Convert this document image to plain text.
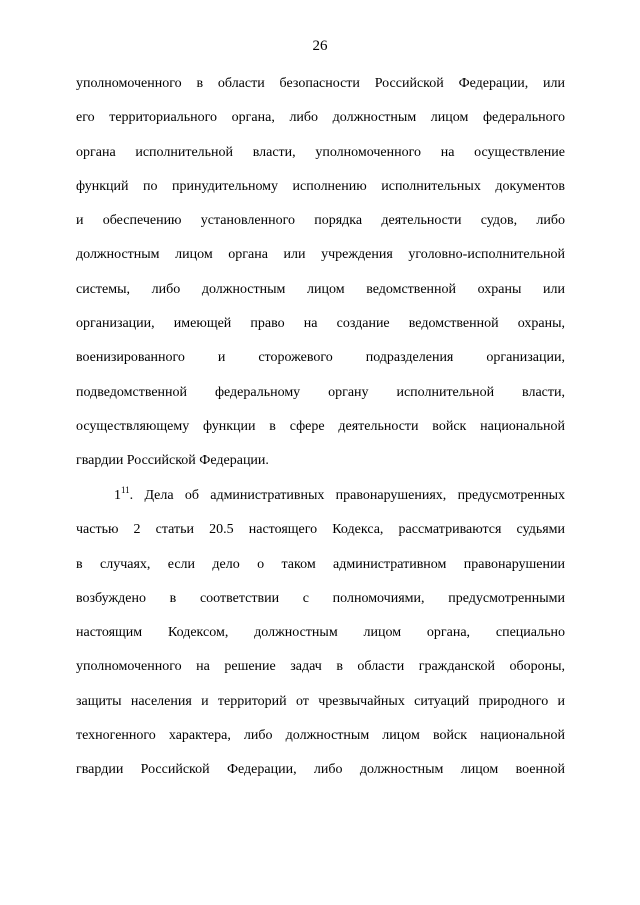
26
уполномоченного в области безопасности Российской Федерации, или
его территориального органа, либо должностным лицом федерального
органа исполнительной власти, уполномоченного на осуществление
функций по принудительному исполнению исполнительных документов
и обеспечению установленного порядка деятельности судов, либо
должностным лицом органа или учреждения уголовно-исполнительной
системы, либо должностным лицом ведомственной охраны или
организации, имеющей право на создание ведомственной охраны,
военизированного и сторожевого подразделения организации,
подведомственной федеральному органу исполнительной власти,
осуществляющему функции в сфере деятельности войск национальной
гвардии Российской Федерации.
$1^{11}$. Дела об административных правонарушениях, предусмотренных
частью 2 статьи 20.5 настоящего Кодекса, рассматриваются судьями
в случаях, если дело о таком административном правонарушении
возбуждено в соответствии с полномочиями, предусмотренными
настоящим Кодексом, должностным лицом органа, специально
уполномоченного на решение задач в области гражданской обороны,
защиты населения и территорий от чрезвычайных ситуаций природного и
техногенного характера, либо должностным лицом войск национальной
гвардии Российской Федерации, либо должностным лицом военной
